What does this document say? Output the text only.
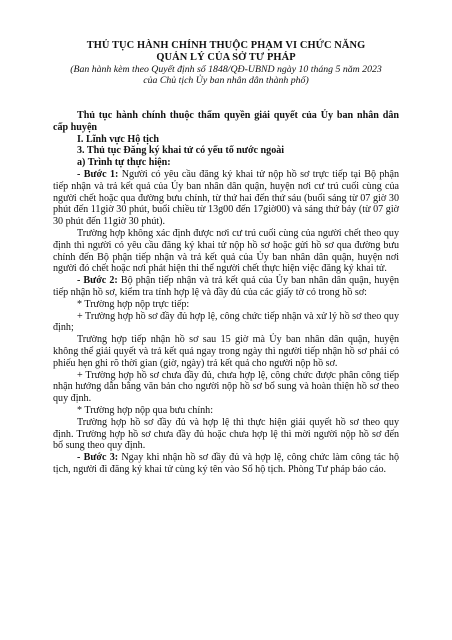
THỦ TỤC HÀNH CHÍNH THUỘC PHẠM VI CHỨC NĂNG
QUẢN LÝ CỦA SỞ TƯ PHÁP
(Ban hành kèm theo Quyết định số 1848/QĐ-UBND ngày 10 tháng 5 năm 2023
của Chủ tịch Ủy ban nhân dân thành phố)
Thủ tục hành chính thuộc thẩm quyền giải quyết của Ủy ban nhân dân cấp huyện
I. Lĩnh vực Hộ tịch
3. Thủ tục Đăng ký khai tử có yếu tố nước ngoài
a) Trình tự thực hiện:

- Bước 1: Người có yêu cầu đăng ký khai tử nộp hồ sơ trực tiếp tại Bộ phận tiếp nhận và trả kết quả của Ủy ban nhân dân quận, huyện nơi cư trú cuối cùng của người chết hoặc qua đường bưu chính, từ thứ hai đến thứ sáu (buổi sáng từ 07 giờ 30 phút đến 11giờ 30 phút, buổi chiều từ 13g00 đến 17giờ00) và sáng thứ bảy (từ 07 giờ 30 phút đến 11giờ 30 phút).

Trường hợp không xác định được nơi cư trú cuối cùng của người chết theo quy định thì người có yêu cầu đăng ký khai tử nộp hồ sơ hoặc gửi hồ sơ qua đường bưu chính đến Bộ phận tiếp nhận và trả kết quả của Ủy ban nhân dân quận, huyện nơi người đó chết hoặc nơi phát hiện thi thể người chết thực hiện việc đăng ký khai tử.

- Bước 2: Bộ phận tiếp nhận và trả kết quả của Ủy ban nhân dân quận, huyện tiếp nhận hồ sơ, kiểm tra tính hợp lệ và đầy đủ của các giấy tờ có trong hồ sơ:

* Trường hợp nộp trực tiếp:

+ Trường hợp hồ sơ đầy đủ hợp lệ, công chức tiếp nhận và xử lý hồ sơ theo quy định;

Trường hợp tiếp nhận hồ sơ sau 15 giờ mà Ủy ban nhân dân quận, huyện không thể giải quyết và trả kết quả ngay trong ngày thì người tiếp nhận hồ sơ phải có phiếu hẹn ghi rõ thời gian (giờ, ngày) trả kết quả cho người nộp hồ sơ.

+ Trường hợp hồ sơ chưa đầy đủ, chưa hợp lệ, công chức được phân công tiếp nhận hướng dẫn bằng văn bản cho người nộp hồ sơ bổ sung và hoàn thiện hồ sơ theo quy định.

* Trường hợp nộp qua bưu chính:

Trường hợp hồ sơ đầy đủ và hợp lệ thì thực hiện giải quyết hồ sơ theo quy định. Trường hợp hồ sơ chưa đầy đủ hoặc chưa hợp lệ thì mời người nộp hồ sơ đến bổ sung theo quy định.

- Bước 3: Ngay khi nhận hồ sơ đầy đủ và hợp lệ, công chức làm công tác hộ tịch, người đi đăng ký khai tử cùng ký tên vào Sổ hộ tịch. Phòng Tư pháp báo cáo.
